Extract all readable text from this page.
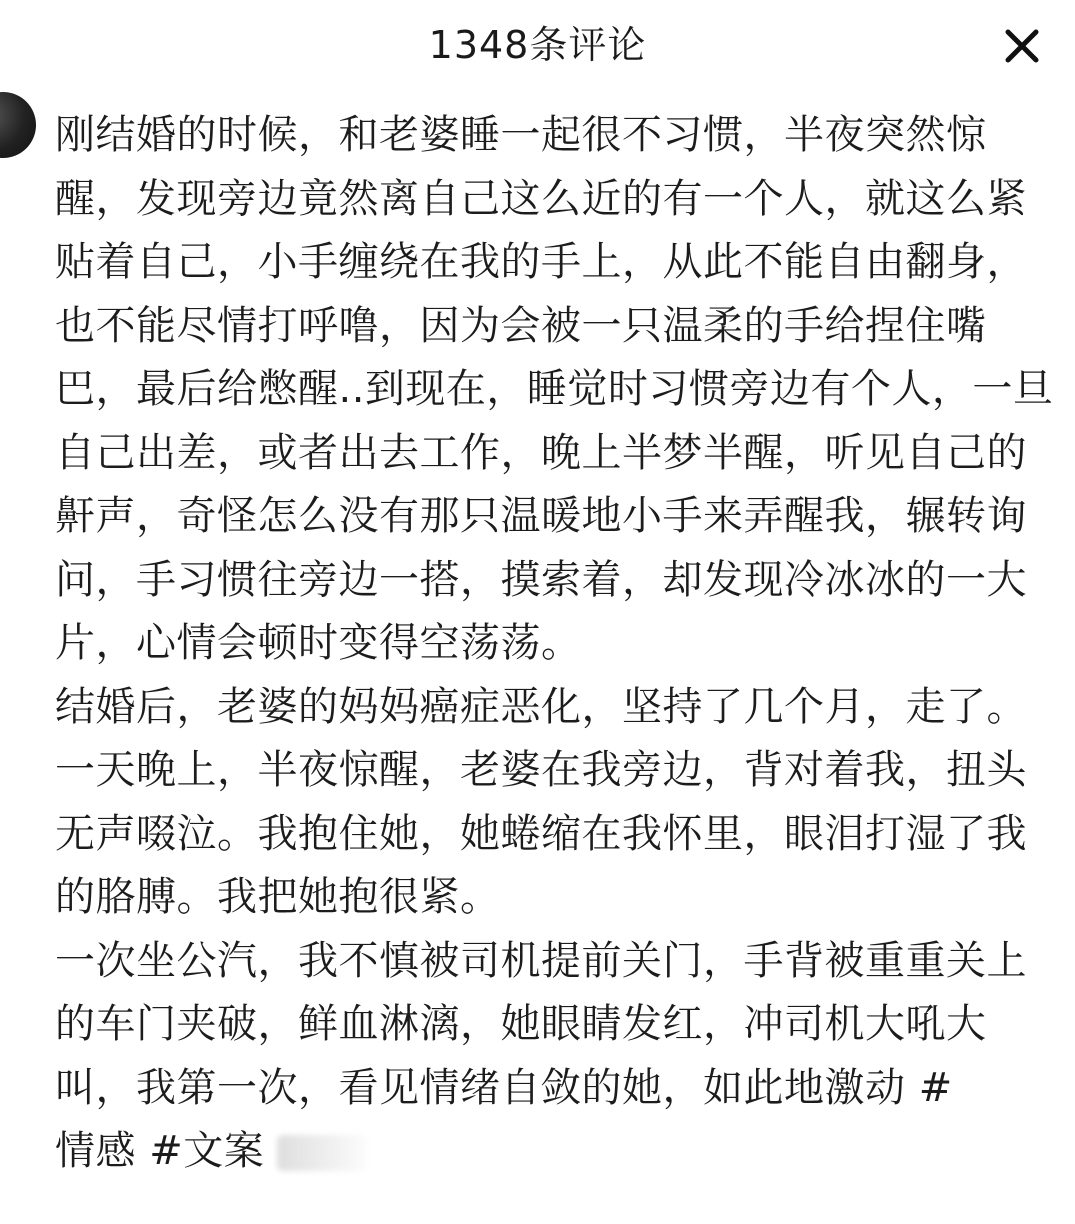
1348条评论

刚结婚的时候，和老婆睡一起很不习惯，半夜突然惊醒，发现旁边竟然离自己这么近的有一个人，就这么紧贴着自己，小手缠绕在我的手上，从此不能自由翻身，也不能尽情打呼噜，因为会被一只温柔的手给捏住嘴巴，最后给憋醒..到现在，睡觉时习惯旁边有个人，一旦自己出差，或者出去工作，晚上半梦半醒，听见自己的鼾声，奇怪怎么没有那只温暖地小手来弄醒我，辗转询问，手习惯往旁边一搭，摸索着，却发现冷冰冰的一大片，心情会顿时变得空荡荡。

结婚后，老婆的妈妈癌症恶化，坚持了几个月，走了。

一天晚上，半夜惊醒，老婆在我旁边，背对着我，扭头无声啜泣。我抱住她，她蜷缩在我怀里，眼泪打湿了我的胳膊。我把她抱很紧。

一次坐公汽，我不慎被司机提前关门，手背被重重关上的车门夹破，鲜血淋漓，她眼睛发红，冲司机大吼大叫，我第一次，看见情绪自敛的她，如此地激动 #

情感 #文案
